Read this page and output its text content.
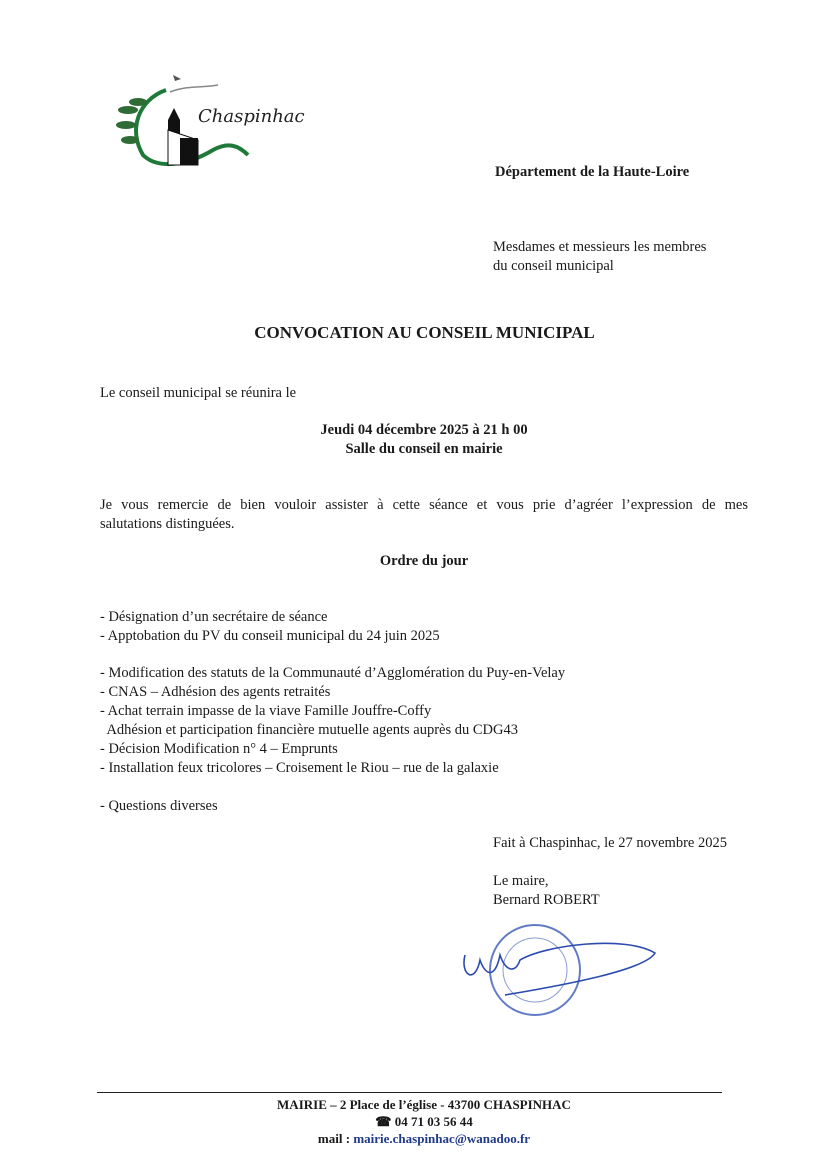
Chaspinhac
Département de la Haute-Loire
Mesdames et messieurs les membres
du conseil municipal
CONVOCATION AU CONSEIL MUNICIPAL
Le conseil municipal se réunira le
Jeudi 04 décembre 2025 à 21 h 00
Salle du conseil en mairie
Je vous remercie de bien vouloir assister à cette séance et vous prie d’agréer l’expression de mes
salutations distinguées.
Ordre du jour
- Désignation d’un secrétaire de séance
- Apptobation du PV du conseil municipal du 24 juin 2025
- Modification des statuts de la Communauté d’Agglomération du Puy-en-Velay
- CNAS – Adhésion des agents retraités
- Achat terrain impasse de la viave Famille Jouffre-Coffy
Adhésion et participation financière mutuelle agents auprès du CDG43
- Décision Modification n° 4 – Emprunts
- Installation feux tricolores – Croisement le Riou – rue de la galaxie
- Questions diverses
Fait à Chaspinhac, le 27 novembre 2025
Le maire,
Bernard ROBERT
MAIRIE – 2 Place de l’église - 43700 CHASPINHAC
☎ 04 71 03 56 44
mail : mairie.chaspinhac@wanadoo.fr
